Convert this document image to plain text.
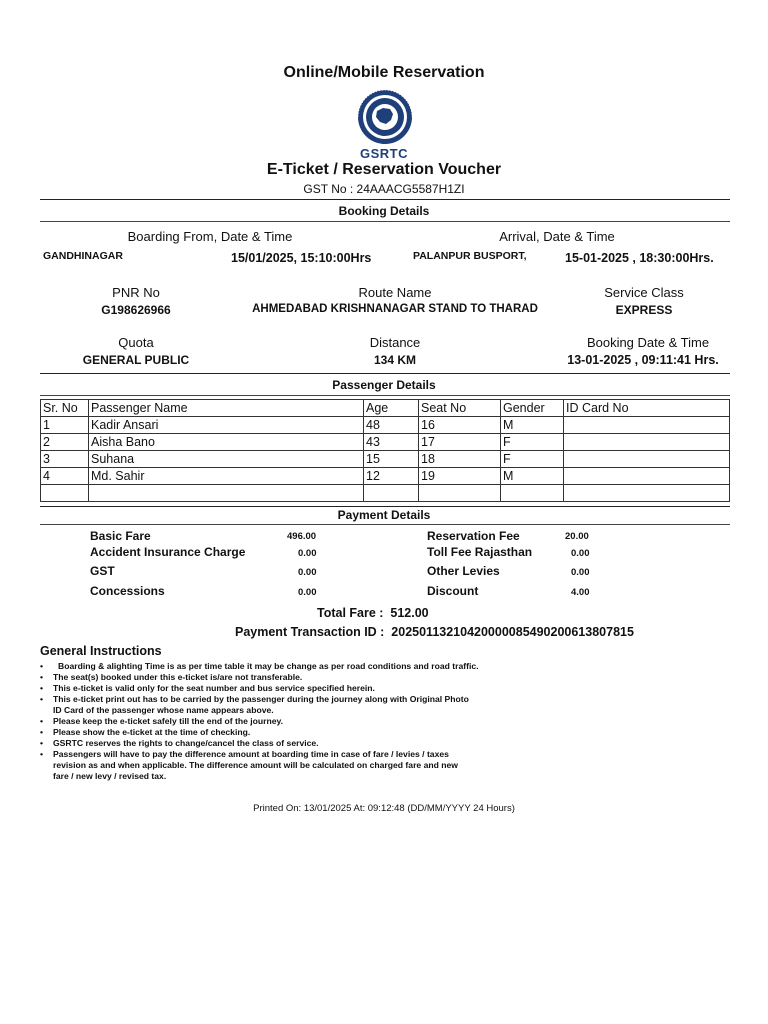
Online/Mobile Reservation
GSRTC
E-Ticket / Reservation Voucher
GST No : 24AAACG5587H1ZI
Booking Details
Boarding From, Date & Time	Arrival, Date & Time
GANDHINAGAR	15/01/2025, 15:10:00Hrs	PALANPUR BUSPORT,	15-01-2025 , 18:30:00Hrs.
PNR No
G198626966
Route Name
AHMEDABAD KRISHNANAGAR STAND TO THARAD
Service Class
EXPRESS
Quota
GENERAL PUBLIC
Distance
134 KM
Booking Date & Time
13-01-2025 , 09:11:41 Hrs.
Passenger Details
Sr. No	Passenger Name	Age	Seat No	Gender	ID Card No
1	Kadir Ansari	48	16	M	
2	Aisha Bano	43	17	F	
3	Suhana	15	18	F	
4	Md. Sahir	12	19	M	

Payment Details
Basic Fare	496.00
Accident Insurance Charge	0.00
GST	0.00
Concessions	0.00
Reservation Fee	20.00
Toll Fee Rajasthan	0.00
Other Levies	0.00
Discount	4.00
Total Fare :  512.00
Payment Transaction ID :  20250113210420000085490200613807815
General Instructions
• Boarding & alighting Time is as per time table it may be change as per road conditions and road traffic.
• The seat(s) booked under this e-ticket is/are not transferable.
• This e-ticket is valid only for the seat number and bus service specified herein.
• This e-ticket print out has to be carried by the passenger during the journey along with Original Photo
ID Card of the passenger whose name appears above.
• Please keep the e-ticket safely till the end of the journey.
• Please show the e-ticket at the time of checking.
• GSRTC reserves the rights to change/cancel the class of service.
• Passengers will have to pay the difference amount at boarding time in case of fare / levies / taxes
revision as and when applicable. The difference amount will be calculated on charged fare and new
fare / new levy / revised tax.
Printed On: 13/01/2025 At: 09:12:48 (DD/MM/YYYY 24 Hours)
